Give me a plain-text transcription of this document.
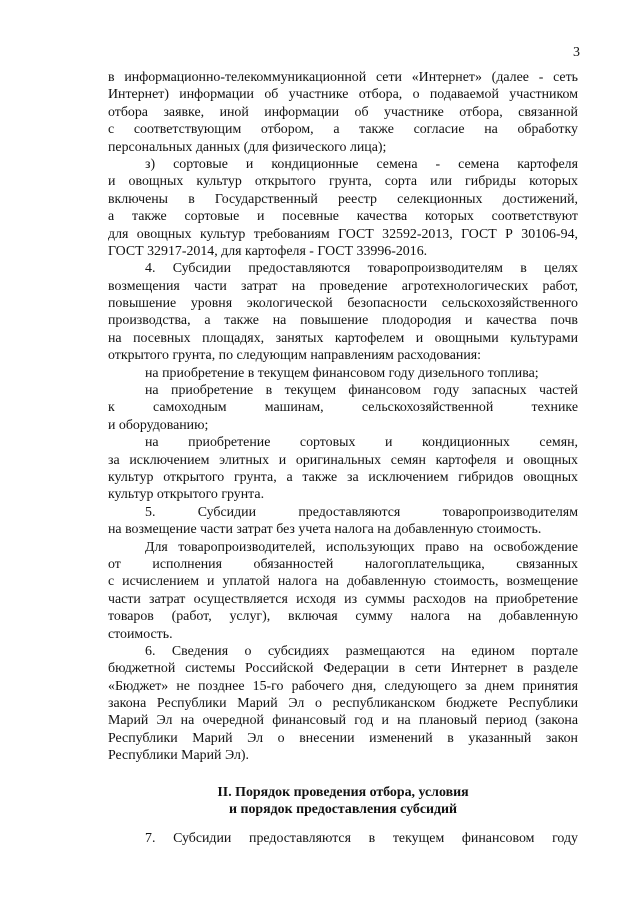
3
в информационно-телекоммуникационной сети «Интернет» (далее - сеть
Интернет) информации об участнике отбора, о подаваемой участником
отбора заявке, иной информации об участнике отбора, связанной
с соответствующим отбором, а также согласие на обработку
персональных данных (для физического лица);
з) сортовые и кондиционные семена - семена картофеля
и овощных культур открытого грунта, сорта или гибриды которых
включены в Государственный реестр селекционных достижений,
а также сортовые и посевные качества которых соответствуют
для овощных культур требованиям ГОСТ 32592-2013, ГОСТ Р 30106-94,
ГОСТ 32917-2014, для картофеля - ГОСТ 33996-2016.
4. Субсидии предоставляются товаропроизводителям в целях
возмещения части затрат на проведение агротехнологических работ,
повышение уровня экологической безопасности сельскохозяйственного
производства, а также на повышение плодородия и качества почв
на посевных площадях, занятых картофелем и овощными культурами
открытого грунта, по следующим направлениям расходования:
на приобретение в текущем финансовом году дизельного топлива;
на приобретение в текущем финансовом году запасных частей
к самоходным машинам, сельскохозяйственной технике
и оборудованию;
на приобретение сортовых и кондиционных семян,
за исключением элитных и оригинальных семян картофеля и овощных
культур открытого грунта, а также за исключением гибридов овощных
культур открытого грунта.
5. Субсидии предоставляются товаропроизводителям
на возмещение части затрат без учета налога на добавленную стоимость.
Для товаропроизводителей, использующих право на освобождение
от исполнения обязанностей налогоплательщика, связанных
с исчислением и уплатой налога на добавленную стоимость, возмещение
части затрат осуществляется исходя из суммы расходов на приобретение
товаров (работ, услуг), включая сумму налога на добавленную
стоимость.
6. Сведения о субсидиях размещаются на едином портале
бюджетной системы Российской Федерации в сети Интернет в разделе
«Бюджет» не позднее 15-го рабочего дня, следующего за днем принятия
закона Республики Марий Эл о республиканском бюджете Республики
Марий Эл на очередной финансовый год и на плановый период (закона
Республики Марий Эл о внесении изменений в указанный закон
Республики Марий Эл).
II. Порядок проведения отбора, условия
и порядок предоставления субсидий
7. Субсидии предоставляются в текущем финансовом году
